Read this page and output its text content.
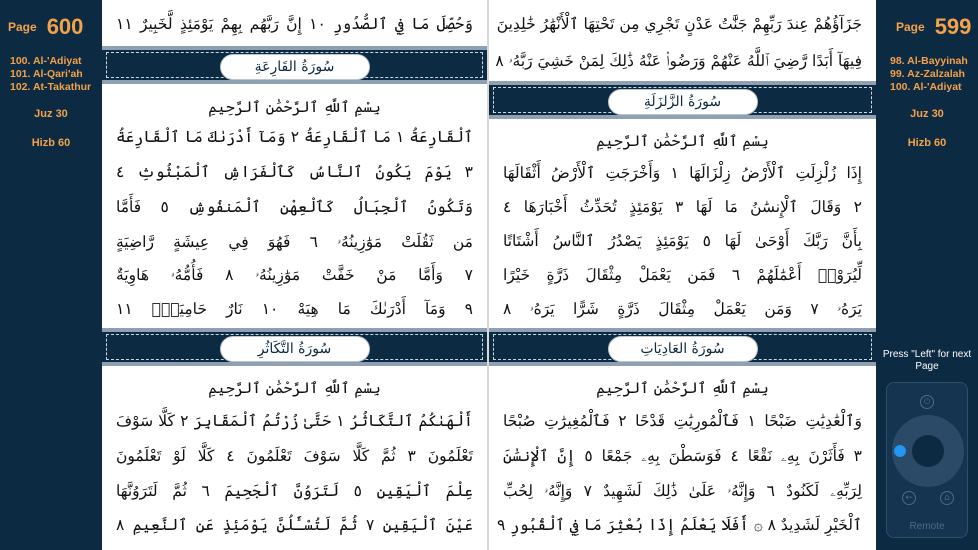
Page 600
100. Al-'Adiyat
101. Al-Qari'ah
102. At-Takathur
Juz 30
Hizb 60
وَحُصِّلَ مَا فِي ٱلصُّدُورِ ١٠ إِنَّ رَبَّهُم بِهِمْ يَوْمَئِذٍ لَّخَبِيرٌ ١١
سُورَةُ القَارِعَةِ
بِسْمِ ٱللَّهِ ٱلرَّحْمَٰنِ ٱلرَّحِيمِ
ٱلْقَارِعَةُ ١ مَا ٱلْقَارِعَةُ ٢ وَمَآ أَدْرَىٰكَ مَا ٱلْقَارِعَةُ
٣ يَوْمَ يَكُونُ ٱلنَّاسُ كَٱلْفَرَاشِ ٱلْمَبْثُوثِ ٤
وَتَكُونُ ٱلْجِبَالُ كَٱلْعِهْنِ ٱلْمَنفُوشِ ٥ فَأَمَّا
مَن ثَقُلَتْ مَوَٰزِينُهُۥ ٦ فَهُوَ فِي عِيشَةٍ رَّاضِيَةٍ
٧ وَأَمَّا مَنْ خَفَّتْ مَوَٰزِينُهُۥ ٨ فَأُمُّهُۥ هَاوِيَةٌ
٩ وَمَآ أَدْرَىٰكَ مَا هِيَهْ ١٠ نَارٌ حَامِيَةٌۢ ١١
سُورَةُ التَّكَاثُرِ
بِسْمِ ٱللَّهِ ٱلرَّحْمَٰنِ ٱلرَّحِيمِ
أَلْهَىٰكُمُ ٱلتَّكَاثُرُ ١ حَتَّىٰ زُرْتُمُ ٱلْمَقَابِرَ ٢ كَلَّا سَوْفَ
تَعْلَمُونَ ٣ ثُمَّ كَلَّا سَوْفَ تَعْلَمُونَ ٤ كَلَّا لَوْ تَعْلَمُونَ
عِلْمَ ٱلْيَقِينِ ٥ لَتَرَوُنَّ ٱلْجَحِيمَ ٦ ثُمَّ لَتَرَوُنَّهَا
عَيْنَ ٱلْيَقِينِ ٧ ثُمَّ لَتُسْـَٔلُنَّ يَوْمَئِذٍ عَنِ ٱلنَّعِيمِ ٨
جَزَآؤُهُمْ عِندَ رَبِّهِمْ جَنَّٰتُ عَدْنٍ تَجْرِي مِن تَحْتِهَا ٱلْأَنْهَٰرُ خَٰلِدِينَ
فِيهَآ أَبَدًا رَّضِيَ ٱللَّهُ عَنْهُمْ وَرَضُوا۟ عَنْهُ ذَٰلِكَ لِمَنْ خَشِيَ رَبَّهُۥ ٨
سُورَةُ الزَّلزَلَةِ
بِسْمِ ٱللَّهِ ٱلرَّحْمَٰنِ ٱلرَّحِيمِ
إِذَا زُلْزِلَتِ ٱلْأَرْضُ زِلْزَالَهَا ١ وَأَخْرَجَتِ ٱلْأَرْضُ أَثْقَالَهَا
٢ وَقَالَ ٱلْإِنسَٰنُ مَا لَهَا ٣ يَوْمَئِذٍ تُحَدِّثُ أَخْبَارَهَا ٤
بِأَنَّ رَبَّكَ أَوْحَىٰ لَهَا ٥ يَوْمَئِذٍ يَصْدُرُ ٱلنَّاسُ أَشْتَاتًا
لِّيُرَوْا۟ أَعْمَٰلَهُمْ ٦ فَمَن يَعْمَلْ مِثْقَالَ ذَرَّةٍ خَيْرًا
يَرَهُۥ ٧ وَمَن يَعْمَلْ مِثْقَالَ ذَرَّةٍ شَرًّا يَرَهُۥ ٨
سُورَةُ العَادِيَاتِ
بِسْمِ ٱللَّهِ ٱلرَّحْمَٰنِ ٱلرَّحِيمِ
وَٱلْعَٰدِيَٰتِ ضَبْحًا ١ فَٱلْمُورِيَٰتِ قَدْحًا ٢ فَٱلْمُغِيرَٰتِ صُبْحًا
٣ فَأَثَرْنَ بِهِۦ نَقْعًا ٤ فَوَسَطْنَ بِهِۦ جَمْعًا ٥ إِنَّ ٱلْإِنسَٰنَ
لِرَبِّهِۦ لَكَنُودٌ ٦ وَإِنَّهُۥ عَلَىٰ ذَٰلِكَ لَشَهِيدٌ ٧ وَإِنَّهُۥ لِحُبِّ
ٱلْخَيْرِ لَشَدِيدٌ ٨ ۞ أَفَلَا يَعْلَمُ إِذَا بُعْثِرَ مَا فِي ٱلْقُبُورِ ٩
Page 599
98. Al-Bayyinah
99. Az-Zalzalah
100. Al-'Adiyat
Juz 30
Hizb 60
Press "Left" for next Page
⏻
←	⌂
Remote
